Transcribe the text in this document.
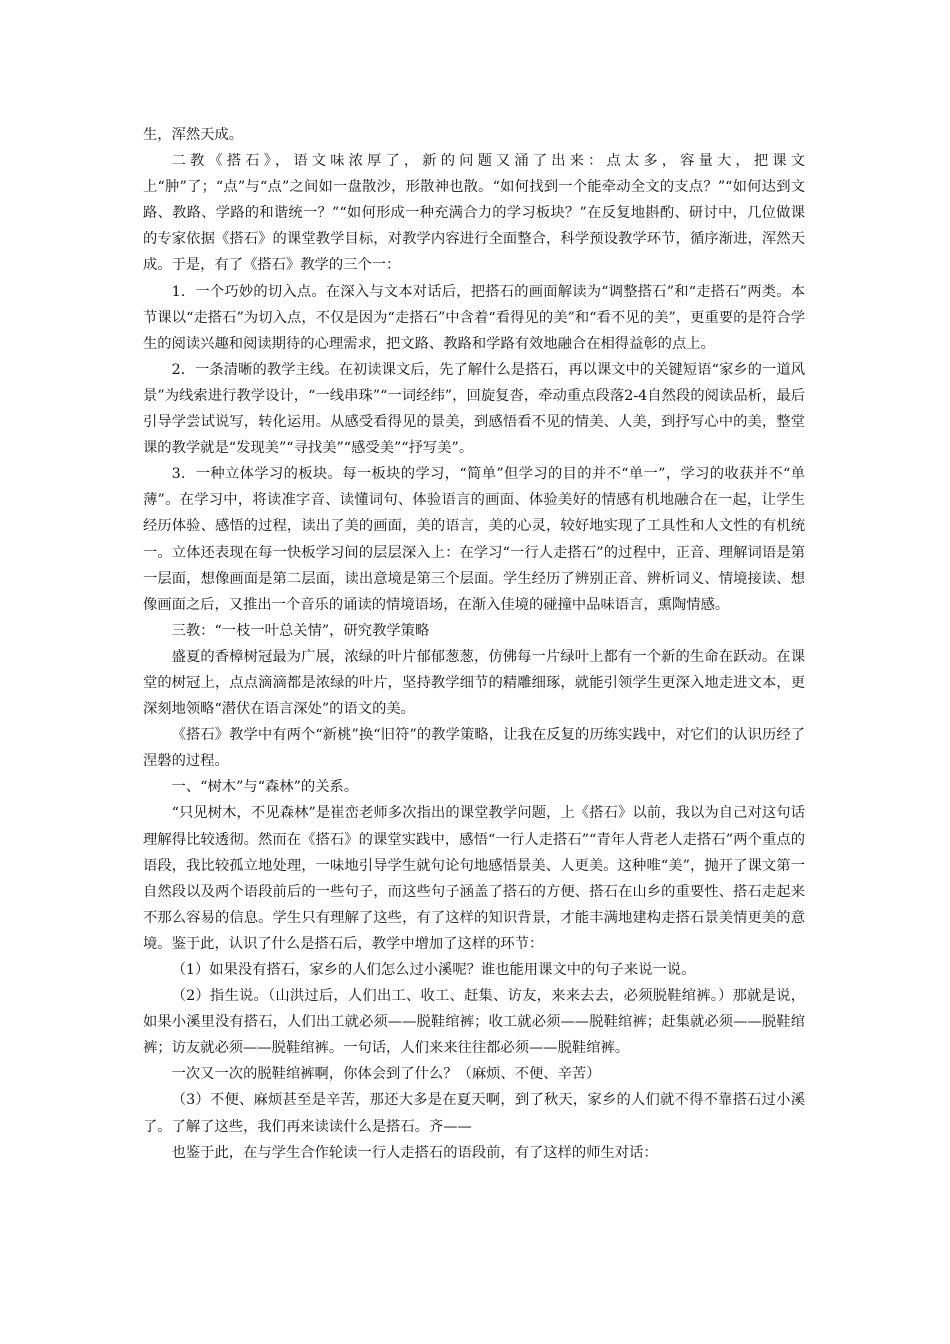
生，浑然天成。

二教《搭石》，语文味浓厚了，新的问题又涌了出来：点太多，容量大，把课文上“肿”了；“点”与“点”之间如一盘散沙，形散神也散。“如何找到一个能牵动全文的支点？”“如何达到文路、教路、学路的和谐统一？”“如何形成一种充满合力的学习板块？”在反复地斟酌、研讨中，几位做课的专家依据《搭石》的课堂教学目标，对教学内容进行全面整合，科学预设教学环节，循序渐进，浑然天成。于是，有了《搭石》教学的三个一：

1．一个巧妙的切入点。在深入与文本对话后，把搭石的画面解读为“调整搭石”和“走搭石”两类。本节课以“走搭石”为切入点，不仅是因为“走搭石”中含着“看得见的美”和“看不见的美”，更重要的是符合学生的阅读兴趣和阅读期待的心理需求，把文路、教路和学路有效地融合在相得益彰的点上。

2．一条清晰的教学主线。在初读课文后，先了解什么是搭石，再以课文中的关键短语“家乡的一道风景”为线索进行教学设计，“一线串珠”“一词经纬”，回旋复沓，牵动重点段落2-4自然段的阅读品析，最后引导学尝试说写，转化运用。从感受看得见的景美，到感悟看不见的情美、人美，到抒写心中的美，整堂课的教学就是“发现美”“寻找美”“感受美”“抒写美”。

3．一种立体学习的板块。每一板块的学习，“简单”但学习的目的并不“单一”，学习的收获并不“单薄”。在学习中，将读准字音、读懂词句、体验语言的画面、体验美好的情感有机地融合在一起，让学生经历体验、感悟的过程，读出了美的画面，美的语言，美的心灵，较好地实现了工具性和人文性的有机统一。立体还表现在每一快板学习间的层层深入上：在学习“一行人走搭石”的过程中，正音、理解词语是第一层面，想像画面是第二层面，读出意境是第三个层面。学生经历了辨别正音、辨析词义、情境接读、想像画面之后，又推出一个音乐的诵读的情境语场，在渐入佳境的碰撞中品味语言，熏陶情感。

三教：“一枝一叶总关情”，研究教学策略

盛夏的香樟树冠最为广展，浓绿的叶片郁郁葱葱，仿佛每一片绿叶上都有一个新的生命在跃动。在课堂的树冠上，点点滴滴都是浓绿的叶片，坚持教学细节的精雕细琢，就能引领学生更深入地走进文本，更深刻地领略“潜伏在语言深处”的语文的美。

《搭石》教学中有两个“新桃”换“旧符”的教学策略，让我在反复的历练实践中，对它们的认识历经了涅磐的过程。

一、“树木”与“森林”的关系。

“只见树木，不见森林”是崔峦老师多次指出的课堂教学问题，上《搭石》以前，我以为自己对这句话理解得比较透彻。然而在《搭石》的课堂实践中，感悟“一行人走搭石”“青年人背老人走搭石”两个重点的语段，我比较孤立地处理，一味地引导学生就句论句地感悟景美、人更美。这种唯“美”，抛开了课文第一自然段以及两个语段前后的一些句子，而这些句子涵盖了搭石的方便、搭石在山乡的重要性、搭石走起来不那么容易的信息。学生只有理解了这些，有了这样的知识背景，才能丰满地建构走搭石景美情更美的意境。鉴于此，认识了什么是搭石后，教学中增加了这样的环节：

（1）如果没有搭石，家乡的人们怎么过小溪呢？谁也能用课文中的句子来说一说。

（2）指生说。（山洪过后，人们出工、收工、赶集、访友，来来去去，必须脱鞋绾裤。）那就是说，如果小溪里没有搭石，人们出工就必须——脱鞋绾裤；收工就必须——脱鞋绾裤；赶集就必须——脱鞋绾裤；访友就必须——脱鞋绾裤。一句话，人们来来往往都必须——脱鞋绾裤。

一次又一次的脱鞋绾裤啊，你体会到了什么？（麻烦、不便、辛苦）

（3）不便、麻烦甚至是辛苦，那还大多是在夏天啊，到了秋天，家乡的人们就不得不靠搭石过小溪了。了解了这些，我们再来读读什么是搭石。齐——

也鉴于此，在与学生合作轮读一行人走搭石的语段前，有了这样的师生对话：
